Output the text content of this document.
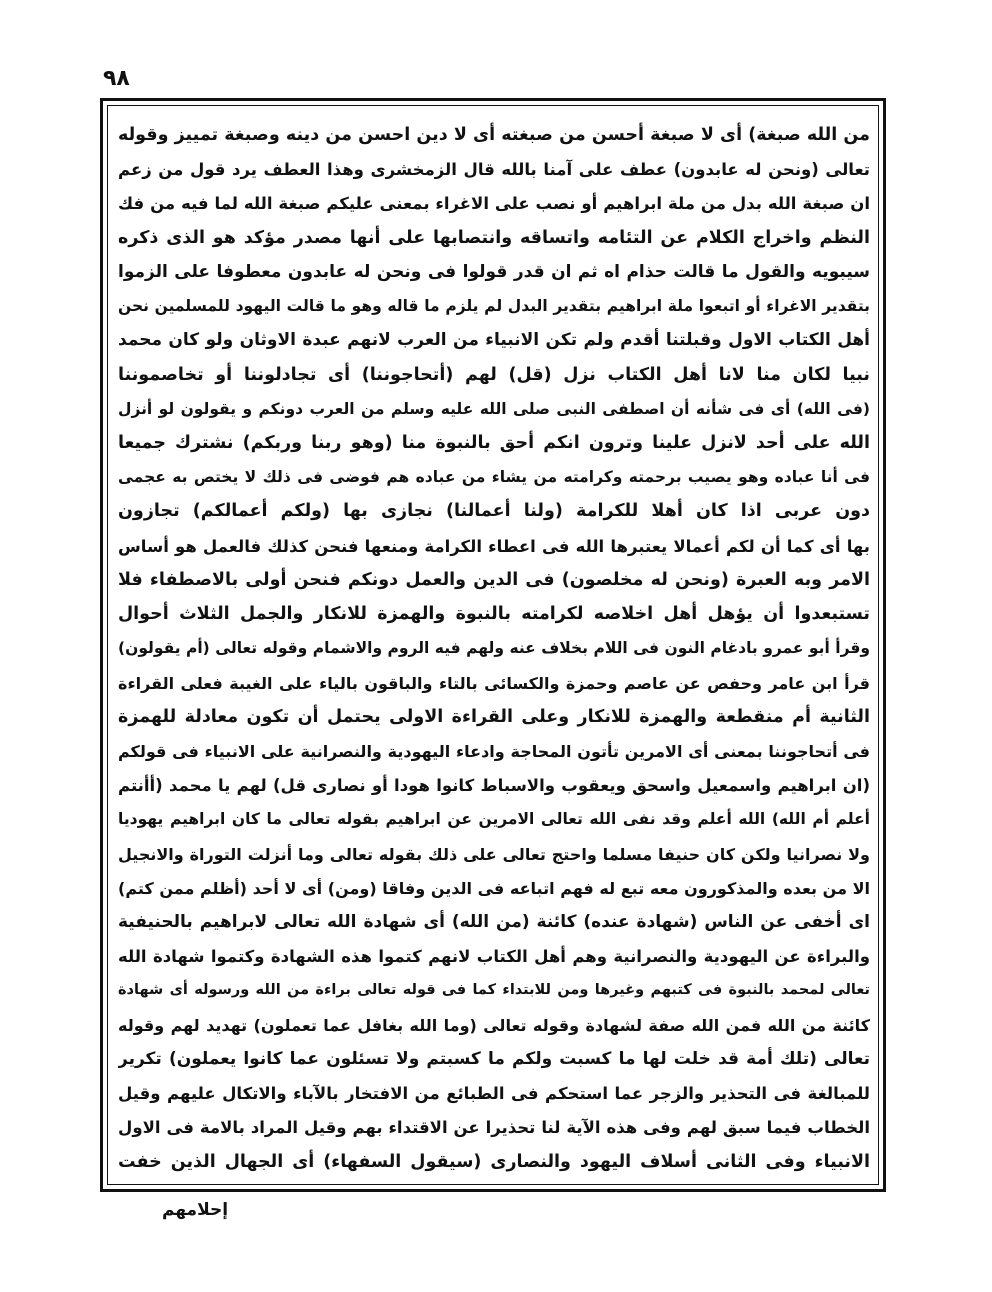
٩٨
من الله صبغة) أى لا صبغة أحسن من صبغته أى لا دين احسن من دينه وصبغة تمييز وقوله
تعالى (ونحن له عابدون) عطف على آمنا بالله قال الزمخشرى وهذا العطف يرد قول من زعم
ان صبغة الله بدل من ملة ابراهيم أو نصب على الاغراء بمعنى عليكم صبغة الله لما فيه من فك
النظم واخراج الكلام عن التئامه واتساقه وانتصابها على أنها مصدر مؤكد هو الذى ذكره
سيبويه والقول ما قالت حذام اه ثم ان قدر قولوا فى ونحن له عابدون معطوفا على الزموا
بتقدير الاغراء أو اتبعوا ملة ابراهيم بتقدير البدل لم يلزم ما قاله وهو ما قالت اليهود للمسلمين نحن
أهل الكتاب الاول وقبلتنا أقدم ولم تكن الانبياء من العرب لانهم عبدة الاوثان ولو كان محمد
نبيا لكان منا لانا أهل الكتاب نزل (قل) لهم (أتحاجوننا) أى تجادلوننا أو تخاصموننا
(فى الله) أى فى شأنه أن اصطفى النبى صلى الله عليه وسلم من العرب دونكم و يقولون لو أنزل
الله على أحد لانزل علينا وترون انكم أحق بالنبوة منا (وهو ربنا وربكم) نشترك جميعا
فى أنا عباده وهو يصيب برحمته وكرامته من يشاء من عباده هم فوضى فى ذلك لا يختص به عجمى
دون عربى اذا كان أهلا للكرامة (ولنا أعمالنا) نجازى بها (ولكم أعمالكم) تجازون
بها أى كما أن لكم أعمالا يعتبرها الله فى اعطاء الكرامة ومنعها فنحن كذلك فالعمل هو أساس
الامر وبه العبرة (ونحن له مخلصون) فى الدين والعمل دونكم فنحن أولى بالاصطفاء فلا
تستبعدوا أن يؤهل أهل اخلاصه لكرامته بالنبوة والهمزة للانكار والجمل الثلاث أحوال
وقرأ أبو عمرو بادغام النون فى اللام بخلاف عنه ولهم فيه الروم والاشمام وقوله تعالى (أم يقولون)
قرأ ابن عامر وحفص عن عاصم وحمزة والكسائى بالتاء والباقون بالياء على الغيبة فعلى القراءة
الثانية أم منقطعة والهمزة للانكار وعلى القراءة الاولى يحتمل أن تكون معادلة للهمزة
فى أتحاجوننا بمعنى أى الامرين تأتون المحاجة وادعاء اليهودية والنصرانية على الانبياء فى قولكم
(ان ابراهيم واسمعيل واسحق ويعقوب والاسباط كانوا هودا أو نصارى قل) لهم يا محمد (أأنتم
أعلم أم الله) الله أعلم وقد نفى الله تعالى الامرين عن ابراهيم بقوله تعالى ما كان ابراهيم يهوديا
ولا نصرانيا ولكن كان حنيفا مسلما واحتج تعالى على ذلك بقوله تعالى وما أنزلت التوراة والانجيل
الا من بعده والمذكورون معه تبع له فهم اتباعه فى الدين وفاقا (ومن) أى لا أحد (أظلم ممن كتم)
اى أخفى عن الناس (شهادة عنده) كائنة (من الله) أى شهادة الله تعالى لابراهيم بالحنيفية
والبراءة عن اليهودية والنصرانية وهم أهل الكتاب لانهم كتموا هذه الشهادة وكتموا شهادة الله
تعالى لمحمد بالنبوة فى كتبهم وغيرها ومن للابتداء كما فى قوله تعالى براءة من الله ورسوله أى شهادة
كائنة من الله فمن الله صفة لشهادة وقوله تعالى (وما الله بغافل عما تعملون) تهديد لهم وقوله
تعالى (تلك أمة قد خلت لها ما كسبت ولكم ما كسبتم ولا تسئلون عما كانوا يعملون) تكرير
للمبالغة فى التحذير والزجر عما استحكم فى الطبائع من الافتخار بالآباء والاتكال عليهم وقيل
الخطاب فيما سبق لهم وفى هذه الآية لنا تحذيرا عن الاقتداء بهم وقيل المراد بالامة فى الاول
الانبياء وفى الثانى أسلاف اليهود والنصارى (سيقول السفهاء) أى الجهال الذين خفت
إحلامهم
